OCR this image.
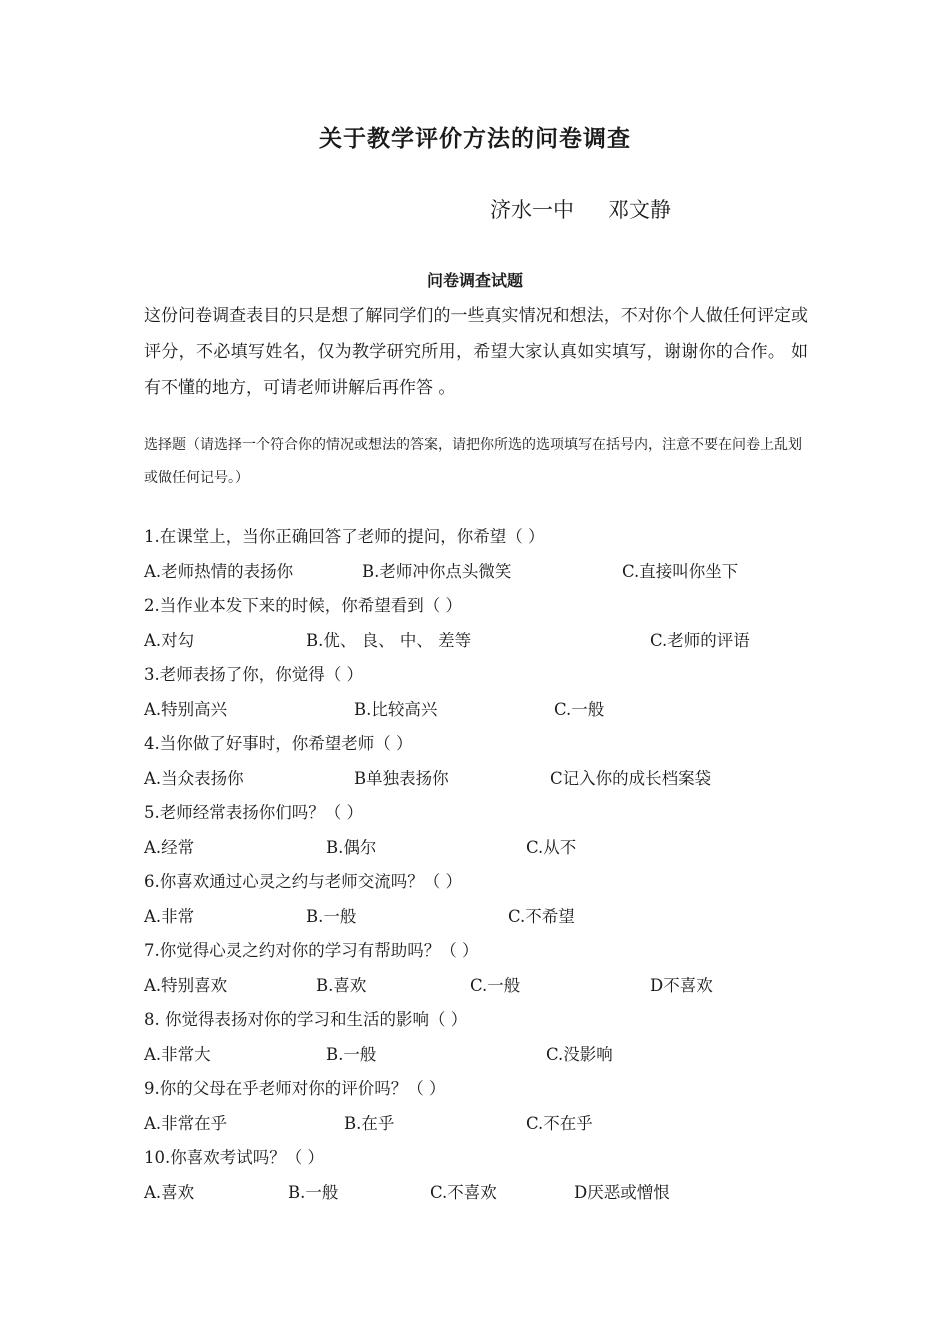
关于教学评价方法的问卷调查
济水一中 邓文静
问卷调查试题
这份问卷调查表目的只是想了解同学们的一些真实情况和想法，不对你个人做任何评定或评分，不必填写姓名，仅为教学研究所用，希望大家认真如实填写，谢谢你的合作。 如有不懂的地方，可请老师讲解后再作答 。
选择题（请选择一个符合你的情况或想法的答案，请把你所选的选项填写在括号内，注意不要在问卷上乱划或做任何记号。）
1.在课堂上，当你正确回答了老师的提问，你希望（ ）
A.老师热情的表扬你	B.老师冲你点头微笑	C.直接叫你坐下
2.当作业本发下来的时候，你希望看到（ ）
A.对勾	B.优、 良、 中、 差等	C.老师的评语
3.老师表扬了你，你觉得（ ）
A.特别高兴	B.比较高兴	C.一般
4.当你做了好事时，你希望老师（ ）
A.当众表扬你	B单独表扬你	C记入你的成长档案袋
5.老师经常表扬你们吗？（ ）
A.经常	B.偶尔	C.从不
6.你喜欢通过心灵之约与老师交流吗？（ ）
A.非常	B.一般	C.不希望
7.你觉得心灵之约对你的学习有帮助吗？（ ）
A.特别喜欢	B.喜欢	C.一般	D不喜欢
8. 你觉得表扬对你的学习和生活的影响（ ）
A.非常大	B.一般	C.没影响
9.你的父母在乎老师对你的评价吗？（ ）
A.非常在乎	B.在乎	C.不在乎
10.你喜欢考试吗？（ ）
A.喜欢	B.一般	C.不喜欢	D厌恶或憎恨
